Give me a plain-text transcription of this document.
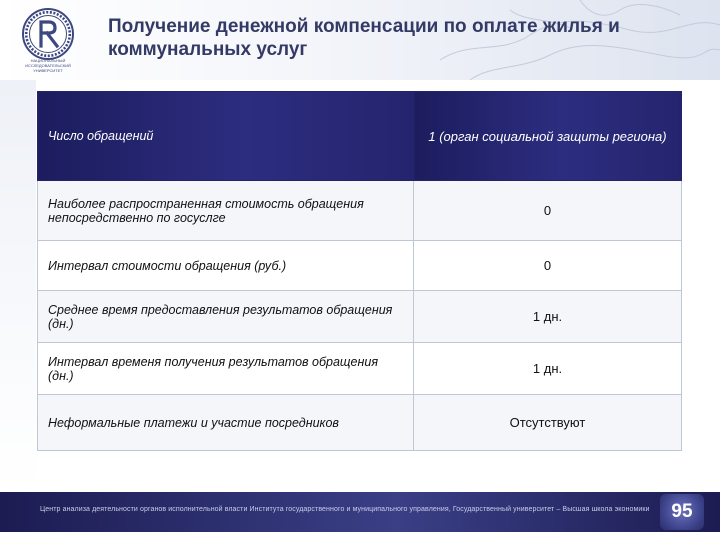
НАЦИОНАЛЬНЫЙ ИССЛЕДОВАТЕЛЬСКИЙ УНИВЕРСИТЕТ
Получение денежной компенсации по оплате жилья и коммунальных услуг
Число обращений	1 (орган социальной защиты региона)
Наиболее распространенная стоимость обращения непосредственно по госуслге	0
Интервал стоимости обращения (руб.)	0
Среднее время предоставления результатов обращения (дн.)	1 дн.
Интервал временя получения результатов обращения (дн.)	1 дн.
Неформальные платежи и участие посредников	Отсутствуют
Центр анализа деятельности органов исполнительной власти Института государственного и муниципального управления, Государственный университет – Высшая школа экономики	95
